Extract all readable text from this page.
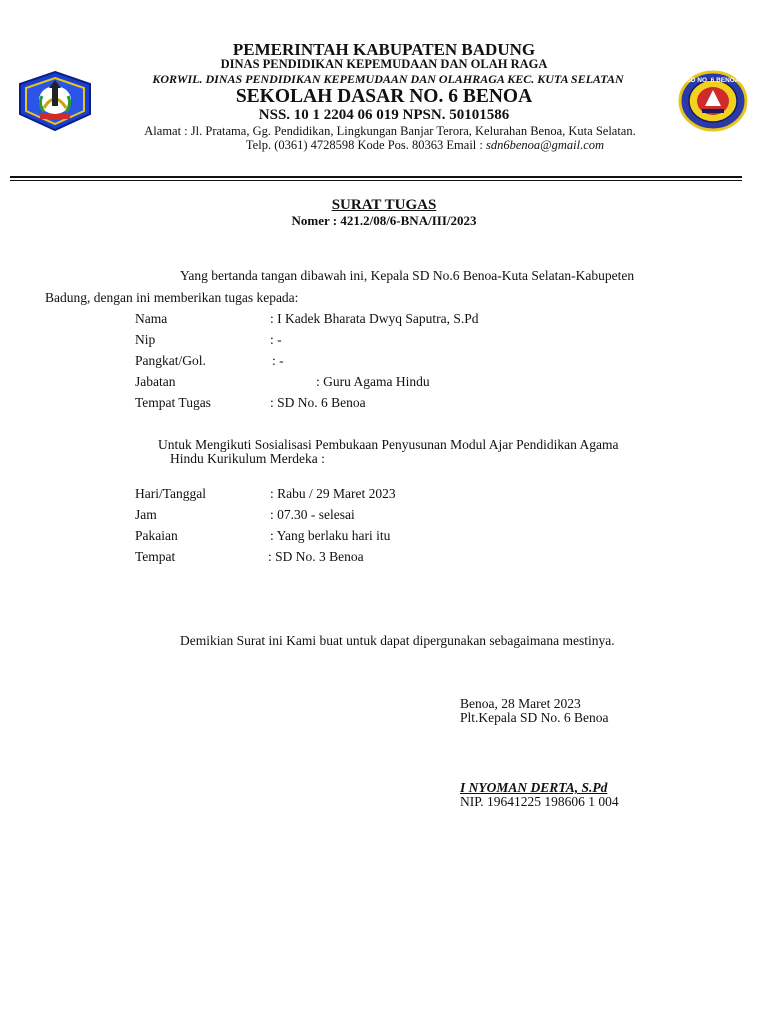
SD NO. 6 BENOA
PEMERINTAH KABUPATEN BADUNG
DINAS PENDIDIKAN KEPEMUDAAN DAN OLAH RAGA
KORWIL. DINAS PENDIDIKAN KEPEMUDAAN DAN OLAHRAGA KEC. KUTA SELATAN
SEKOLAH DASAR NO. 6 BENOA
NSS. 10 1 2204 06 019 NPSN. 50101586
Alamat : Jl. Pratama, Gg. Pendidikan, Lingkungan Banjar Terora, Kelurahan Benoa, Kuta Selatan.
Telp. (0361) 4728598 Kode Pos. 80363 Email : sdn6benoa@gmail.com
SURAT TUGAS
Nomer : 421.2/08/6-BNA/III/2023
Yang bertanda tangan dibawah ini, Kepala SD No.6 Benoa-Kuta Selatan-Kabupeten
Badung, dengan ini memberikan tugas kepada:
Nama	: I Kadek Bharata Dwyq Saputra, S.Pd
Nip	: -
Pangkat/Gol.	: -
Jabatan	: Guru Agama Hindu
Tempat Tugas	: SD No. 6 Benoa
Untuk Mengikuti Sosialisasi Pembukaan Penyusunan Modul Ajar Pendidikan Agama
Hindu Kurikulum Merdeka :
Hari/Tanggal	: Rabu / 29 Maret 2023
Jam	: 07.30 - selesai
Pakaian	: Yang berlaku hari itu
Tempat	: SD No. 3 Benoa
Demikian Surat ini Kami buat untuk dapat dipergunakan sebagaimana mestinya.
Benoa, 28 Maret 2023
Plt.Kepala SD No. 6 Benoa
I NYOMAN DERTA, S.Pd
NIP. 19641225 198606 1 004
